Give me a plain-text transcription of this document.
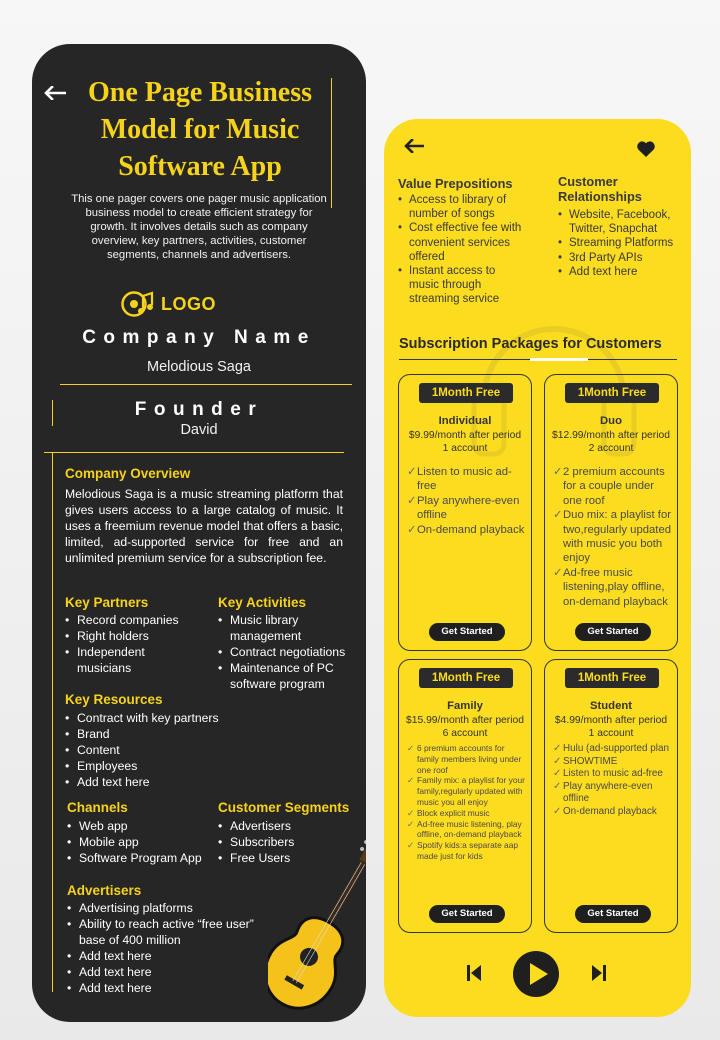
One Page Business Model for Music Software App

This one pager covers one pager music application business model to create efficient strategy for growth. It involves details such as company overview, key partners, activities, customer segments, channels and advertisers.

LOGO
Company Name
Melodious Saga
Founder
David
Company Overview

Melodious Saga is a music streaming platform that gives users access to a large catalog of music. It uses a freemium revenue model that offers a basic, limited, ad-supported service for free and an unlimited premium service for a subscription fee.

Key Partners
• Record companies
• Right holders
• Independent musicians
Key Activities
• Music library management
• Contract negotiations
• Maintenance of PC software program
Key Resources
• Contract with key partners
• Brand
• Content
• Employees
• Add text here
Channels
• Web app
• Mobile app
• Software Program App
Customer Segments
• Advertisers
• Subscribers
• Free Users
Advertisers
• Advertising platforms
• Ability to reach active “free user” base of 400 million
• Add text here
• Add text here
• Add text here
Value Prepositions
• Access to library of number of songs
• Cost effective fee with convenient services offered
• Instant access to music through streaming service
Customer Relationships
• Website, Facebook, Twitter, Snapchat
• Streaming Platforms
• 3rd Party APIs
• Add text here
Subscription Packages for Customers
1Month Free
Individual
$9.99/month after period
1 account
✓ Listen to music ad-free
✓ Play anywhere-even offline
✓ On-demand playback
Get Started
1Month Free
Duo
$12.99/month after period
2 account
✓ 2 premium accounts for a couple under one roof
✓ Duo mix: a playlist for two,regularly updated with music you both enjoy
✓ Ad-free music listening,play offline, on-demand playback
Get Started
1Month Free
Family
$15.99/month after period
6 account
✓ 6 premium accounts for family members living under one roof
✓ Family mix: a playlist for your family,regularly updated with music you all enjoy
✓ Block explicit music
✓ Ad-free music listening, play offline, on-demand playback
✓ Spotify kids:a separate aap made just for kids
Get Started
1Month Free
Student
$4.99/month after period
1 account
✓ Hulu (ad-supported plan
✓ SHOWTIME
✓ Listen to music ad-free
✓ Play anywhere-even offline
✓ On-demand playback
Get Started
